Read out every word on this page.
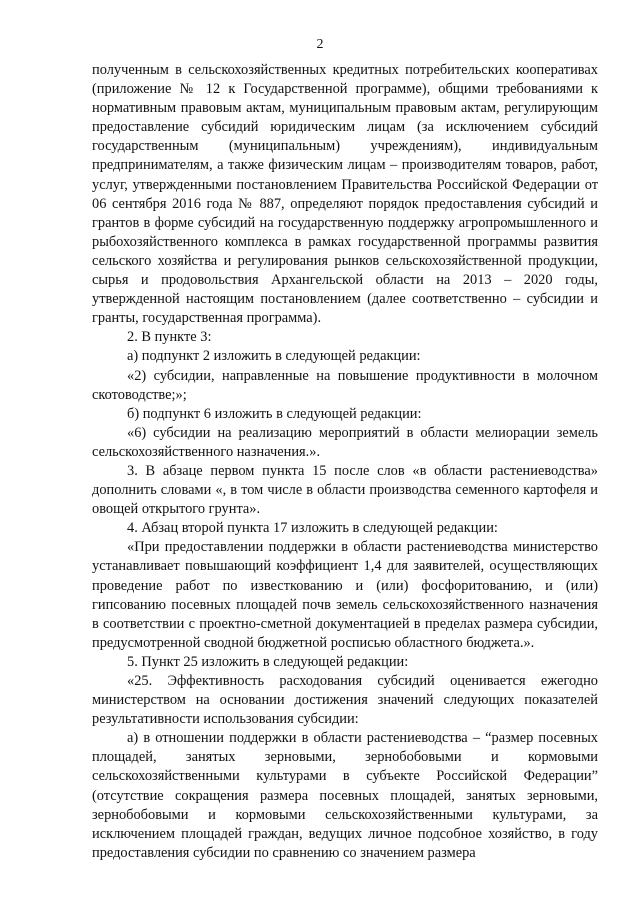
2

полученным в сельскохозяйственных кредитных потребительских кооперативах (приложение № 12 к Государственной программе), общими требованиями к нормативным правовым актам, муниципальным правовым актам, регулирующим предоставление субсидий юридическим лицам (за исключением субсидий государственным (муниципальным) учреждениям), индивидуальным предпринимателям, а также физическим лицам – производителям товаров, работ, услуг, утвержденными постановлением Правительства Российской Федерации от 06 сентября 2016 года № 887, определяют порядок предоставления субсидий и грантов в форме субсидий на государственную поддержку агропромышленного и рыбохозяйственного комплекса в рамках государственной программы развития сельского хозяйства и регулирования рынков сельскохозяйственной продукции, сырья и продовольствия Архангельской области на 2013 – 2020 годы, утвержденной настоящим постановлением (далее соответственно – субсидии и гранты, государственная программа).

2. В пункте 3:

а) подпункт 2 изложить в следующей редакции:

«2) субсидии, направленные на повышение продуктивности в молочном скотоводстве;»;

б) подпункт 6 изложить в следующей редакции:

«6) субсидии на реализацию мероприятий в области мелиорации земель сельскохозяйственного назначения.».

3. В абзаце первом пункта 15 после слов «в области растениеводства» дополнить словами «, в том числе в области производства семенного картофеля и овощей открытого грунта».

4. Абзац второй пункта 17 изложить в следующей редакции:

«При предоставлении поддержки в области растениеводства министерство устанавливает повышающий коэффициент 1,4 для заявителей, осуществляющих проведение работ по известкованию и (или) фосфоритованию, и (или) гипсованию посевных площадей почв земель сельскохозяйственного назначения в соответствии с проектно-сметной документацией в пределах размера субсидии, предусмотренной сводной бюджетной росписью областного бюджета.».

5. Пункт 25 изложить в следующей редакции:

«25. Эффективность расходования субсидий оценивается ежегодно министерством на основании достижения значений следующих показателей результативности использования субсидии:

а) в отношении поддержки в области растениеводства – “размер посевных площадей, занятых зерновыми, зернобобовыми и кормовыми сельскохозяйственными культурами в субъекте Российской Федерации” (отсутствие сокращения размера посевных площадей, занятых зерновыми, зернобобовыми и кормовыми сельскохозяйственными культурами, за исключением площадей граждан, ведущих личное подсобное хозяйство, в году предоставления субсидии по сравнению со значением размера
